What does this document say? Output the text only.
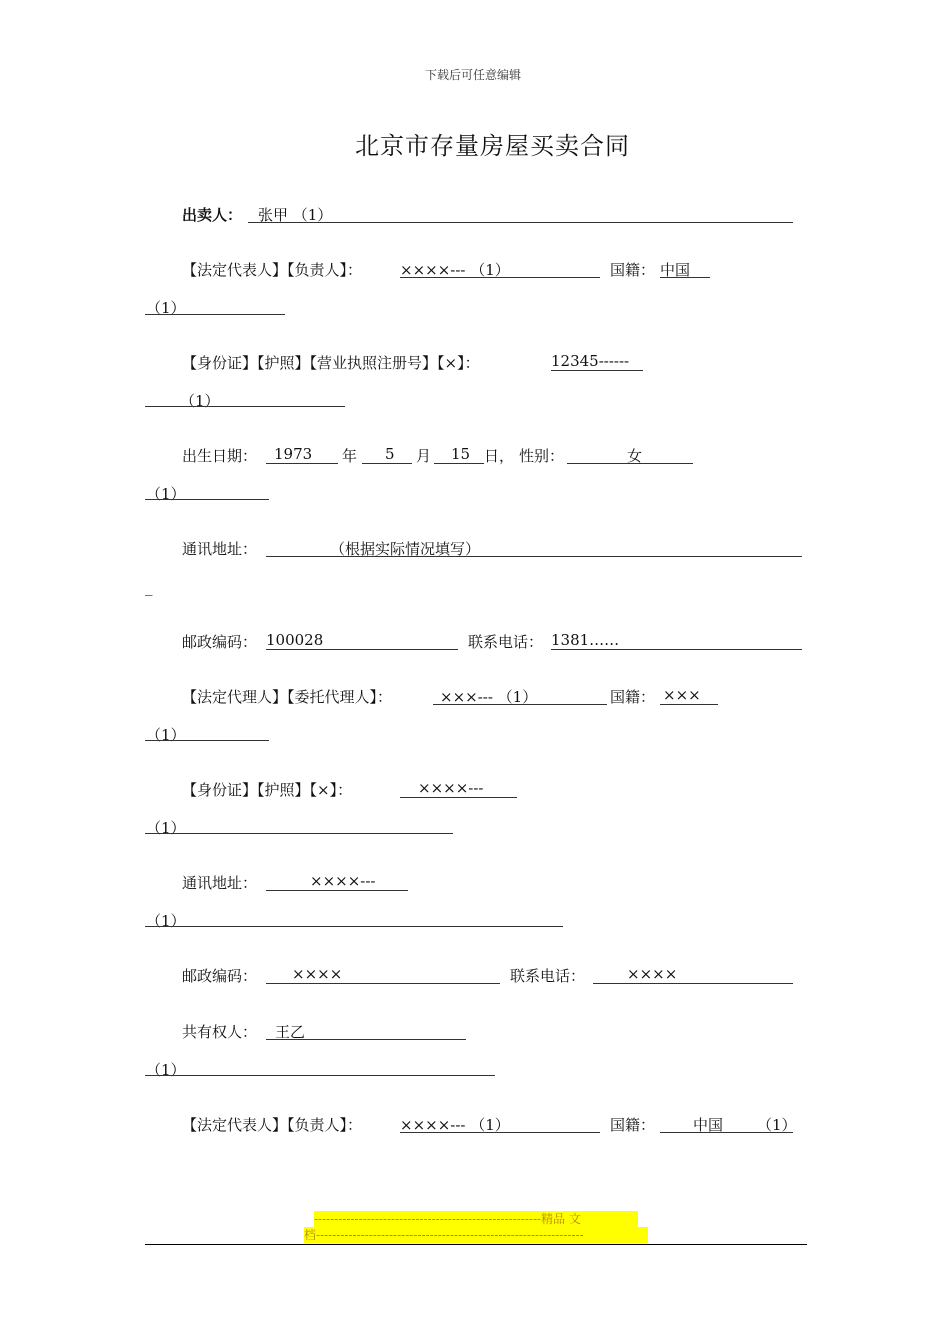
下载后可任意编辑
北京市存量房屋买卖合同
出卖人： 张甲 （1）
【法定代表人】【负责人】：	××××--- （1）	国籍： 中国
（1）
【身份证】【护照】【营业执照注册号】【×】：	12345------
（1）
出生日期： 1973 年 5 月 15 日， 性别：	女
（1）
通讯地址：	（根据实际情况填写）
_
邮政编码： 100028	联系电话： 1381……
【法定代理人】【委托代理人】：	×××--- （1）	国籍： ×××
（1）
【身份证】【护照】【×】：	××××---
（1）
通讯地址：	××××---
（1）
邮政编码： ××××	联系电话：	××××
共有权人： 王乙
（1）
【法定代表人】【负责人】：	××××--- （1）	国籍：	中国 （1）
--------------------------------------------------------精品 文
档------------------------------------------------------------------
